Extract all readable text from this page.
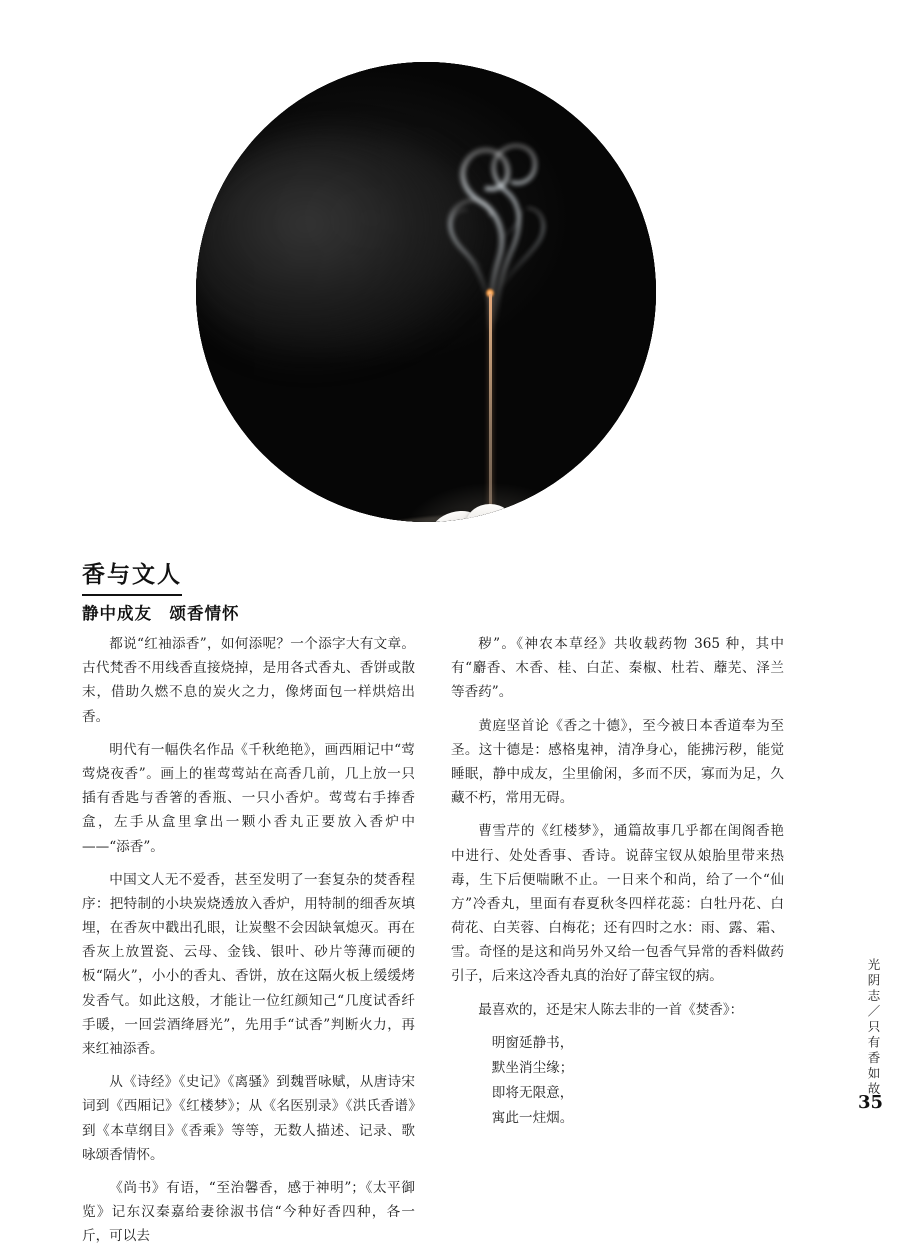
香与文人
静中成友　颂香情怀

都说“红袖添香”，如何添呢？一个添字大有文章。古代梵香不用线香直接烧掉，是用各式香丸、香饼或散末，借助久燃不息的炭火之力，像烤面包一样烘焙出香。

明代有一幅佚名作品《千秋绝艳》，画西厢记中“莺莺烧夜香”。画上的崔莺莺站在高香几前，几上放一只插有香匙与香箸的香瓶、一只小香炉。莺莺右手捧香盒，左手从盒里拿出一颗小香丸正要放入香炉中——“添香”。

中国文人无不爱香，甚至发明了一套复杂的焚香程序：把特制的小块炭烧透放入香炉，用特制的细香灰填埋，在香灰中戳出孔眼，让炭墼不会因缺氧熄灭。再在香灰上放置瓷、云母、金钱、银叶、砂片等薄而硬的板“隔火”，小小的香丸、香饼，放在这隔火板上缓缓烤发香气。如此这般，才能让一位红颜知己“几度试香纤手暖，一回尝酒绛唇光”，先用手“试香”判断火力，再来红袖添香。

从《诗经》《史记》《离骚》到魏晋咏赋，从唐诗宋词到《西厢记》《红楼梦》；从《名医别录》《洪氏香谱》到《本草纲目》《香乘》等等，无数人描述、记录、歌咏颂香情怀。

《尚书》有语，“至治馨香，感于神明”；《太平御览》记东汉秦嘉给妻徐淑书信“今种好香四种，各一斤，可以去

秽”。《神农本草经》共收载药物 365 种，其中有“麝香、木香、桂、白芷、秦椒、杜若、蘼芜、泽兰等香药”。

黄庭坚首论《香之十德》，至今被日本香道奉为至圣。这十德是：感格鬼神，清净身心，能拂污秽，能觉睡眠，静中成友，尘里偷闲，多而不厌，寡而为足，久藏不朽，常用无碍。

曹雪芹的《红楼梦》，通篇故事几乎都在闺阁香艳中进行、处处香事、香诗。说薛宝钗从娘胎里带来热毒，生下后便喘瞅不止。一日来个和尚，给了一个“仙方”冷香丸，里面有春夏秋冬四样花蕊：白牡丹花、白荷花、白芙蓉、白梅花；还有四时之水：雨、露、霜、雪。奇怪的是这和尚另外又给一包香气异常的香料做药引子，后来这冷香丸真的治好了薛宝钗的病。

最喜欢的，还是宋人陈去非的一首《焚香》：

明窗延静书，

默坐消尘缘；

即将无限意，

寓此一炷烟。

光阴志／只有香如故
35
